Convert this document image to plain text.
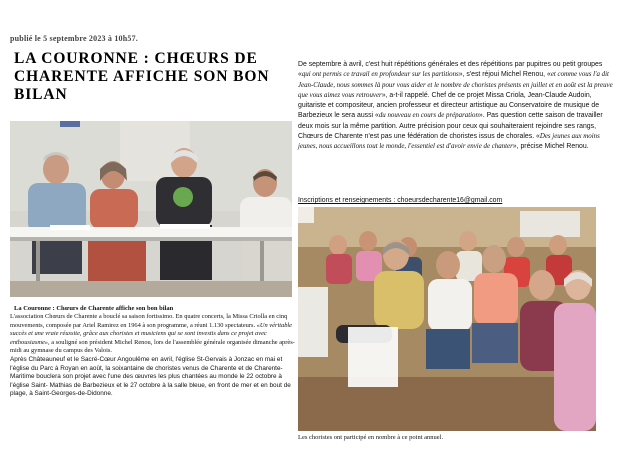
publié le 5 septembre 2023 à 10h57.
LA COURONNE : CHŒURS DE
CHARENTE AFFICHE SON BON
BILAN
La Couronne : Chœurs de Charente affiche son bon bilan

L'association Chœurs de Charente a bouclé sa saison fortissimo. En quatre concerts, la Missa Criolla en cinq mouvements, composée par Ariel Ramirez en 1964 à son programme, a réuni 1.130 spectateurs. «Un véritable succès et une vraie réussite, grâce aux choristes et musiciens qui se sont investis dans ce projet avec enthousiasme», a souligné son président Michel Renou, lors de l'assemblée générale organisée dimanche après-midi au gymnase du campus des Valois.

Après Châteauneuf et le Sacré-Cœur Angoulême en avril, l'église St-Gervais à Jonzac en mai et l'église du Parc à Royan en août, la soixantaine de choristes venus de Charente et de Charente-Maritime bouclera son projet avec l'une des œuvres les plus chantées au monde le 22 octobre à l'église Saint- Mathias de Barbezieux et le 27 octobre à la salle bleue, en front de mer et en bout de plage, à Saint-Georges-de-Didonne.

De septembre à avril, c'est huit répétitions générales et des répétitions par pupitres ou petit groupes «qui ont permis ce travail en profondeur sur les partitions», s'est réjoui Michel Renou, «et comme vous l'a dit Jean-Claude, nous sommes là pour vous aider et le nombre de choristes présents en juillet et en août est la preuve que vous aimez vous retrouver», a-t-il rappelé. Chef de ce projet Missa Criola, Jean-Claude Audoin, guitariste et compositeur, ancien professeur et directeur artistique au Conservatoire de musique de Barbezieux le sera aussi «du nouveau en cours de préparation». Pas question cette saison de travailler deux mois sur la même partition. Autre précision pour ceux qui souhaiteraient rejoindre ses rangs, Chœurs de Charente n'est pas une fédération de choristes issus de chorales. «Des jeunes aux moins jeunes, nous accueillons tout le monde, l'essentiel est d'avoir envie de chanter», précise Michel Renou.
Inscriptions et renseignements : choeursdecharente16@gmail.com
Les choristes ont participé en nombre à ce point annuel.
